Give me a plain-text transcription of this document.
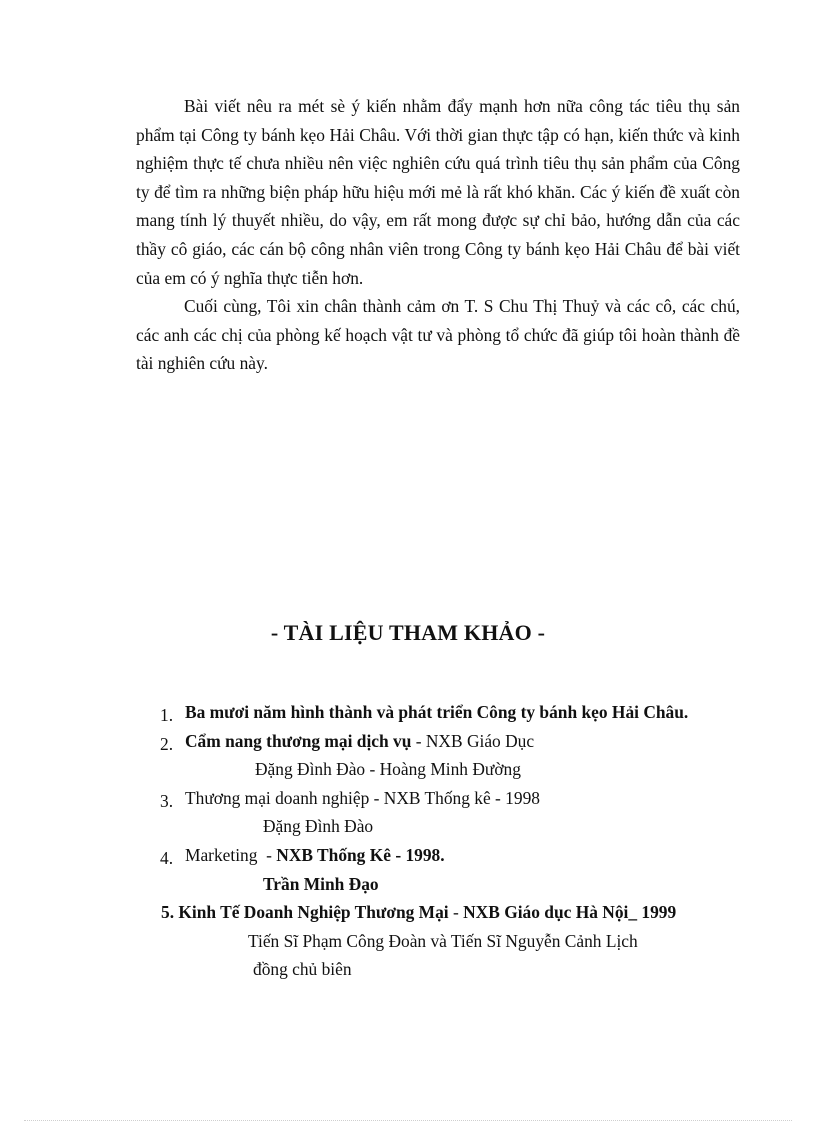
Bài viết nêu ra mét sè ý kiến nhằm đẩy mạnh hơn nữa công tác tiêu thụ sản phẩm tại Công ty bánh kẹo Hải Châu. Với thời gian thực tập có hạn, kiến thức và kinh nghiệm thực tế chưa nhiều nên việc nghiên cứu quá trình tiêu thụ sản phẩm của Công ty để tìm ra những biện pháp hữu hiệu mới mẻ là rất khó khăn. Các ý kiến đề xuất còn mang tính lý thuyết nhiều, do vậy, em rất mong được sự chỉ bảo, hướng dẫn của các thầy cô giáo, các cán bộ công nhân viên trong Công ty bánh kẹo Hải Châu để bài viết của em có ý nghĩa thực tiễn hơn.

Cuối cùng, Tôi xin chân thành cảm ơn T. S Chu Thị Thuỷ và các cô, các chú, các anh các chị của phòng kế hoạch vật tư và phòng tổ chức đã giúp tôi hoàn thành đề tài nghiên cứu này.

- TÀI LIỆU THAM KHẢO -
1. Ba mươi năm hình thành và phát triển Công ty bánh kẹo Hải Châu.
2. Cẩm nang thương mại dịch vụ - NXB Giáo Dục
Đặng Đình Đào - Hoàng Minh Đường
3. Thương mại doanh nghiệp - NXB Thống kê - 1998
Đặng Đình Đào
4. Marketing  - NXB Thống Kê - 1998.
Trần Minh Đạo
5. Kinh Tế Doanh Nghiệp Thương Mại - NXB Giáo dục Hà Nội_ 1999
Tiến Sĩ Phạm Công Đoàn và Tiến Sĩ Nguyễn Cảnh Lịch
đồng chủ biên
